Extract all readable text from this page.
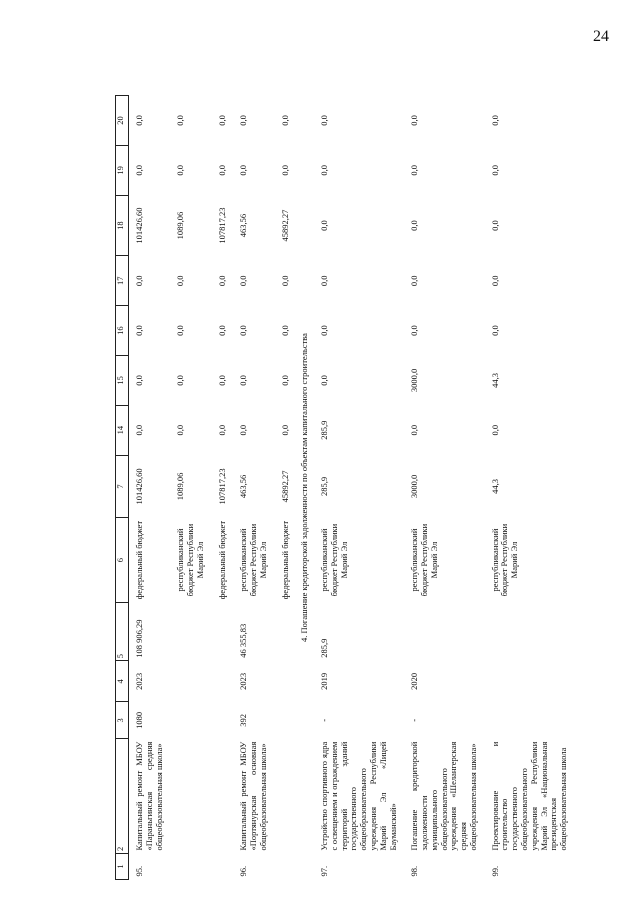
24
1	2	3	4	5	6	7	14	15	16	17	18	19	20
95.	Капитальный ремонт МБОУ «Параньгинская средняя общеобразовательная школа»	1080	2023	108 906,29	федеральный бюджет	101426,60	0,0	0,0	0,0	0,0	101426,60	0,0	0,0
					республиканский бюджет Республики Марий Эл	1089,06	0,0	0,0	0,0	0,0	1089,06	0,0	0,0
					федеральный бюджет	107817,23	0,0	0,0	0,0	0,0	107817,23	0,0	0,0
96.	Капитальный ремонт МБОУ «Портянурская основная общеобразовательная школа»	392	2023	46 355,83	республиканский бюджет Республики Марий Эл	463,56	0,0	0,0	0,0	0,0	463,56	0,0	0,0
					федеральный бюджет	45892,27	0,0	0,0	0,0	0,0	45892,27	0,0	0,0
4. Погашение кредиторской задолженности по объектам капитального строительства													
97.	Устройство спортивного ядра с освещением и ограждением территорий зданий государственного общеобразовательного учреждения Республики Марий Эл «Лицей Бауманский»	-	2019	285,9	республиканский бюджет Республики Марий Эл	285,9	285,9	0,0	0,0	0,0	0,0	0,0	0,0
98.	Погашение кредиторской задолженности муниципального общеобразовательного учреждения «Шелангерская средняя общеобразовательная школа»	-	2020		республиканский бюджет Республики Марий Эл	3000,0	0,0	3000,0	0,0	0,0	0,0	0,0	0,0
99.	Проектирование и строительство государственного общеобразовательного учреждения Республики Марий Эл «Национальная президентская общеобразовательная школа				республиканский бюджет Республики Марий Эл	44,3	0,0	44,3	0,0	0,0	0,0	0,0	0,0
